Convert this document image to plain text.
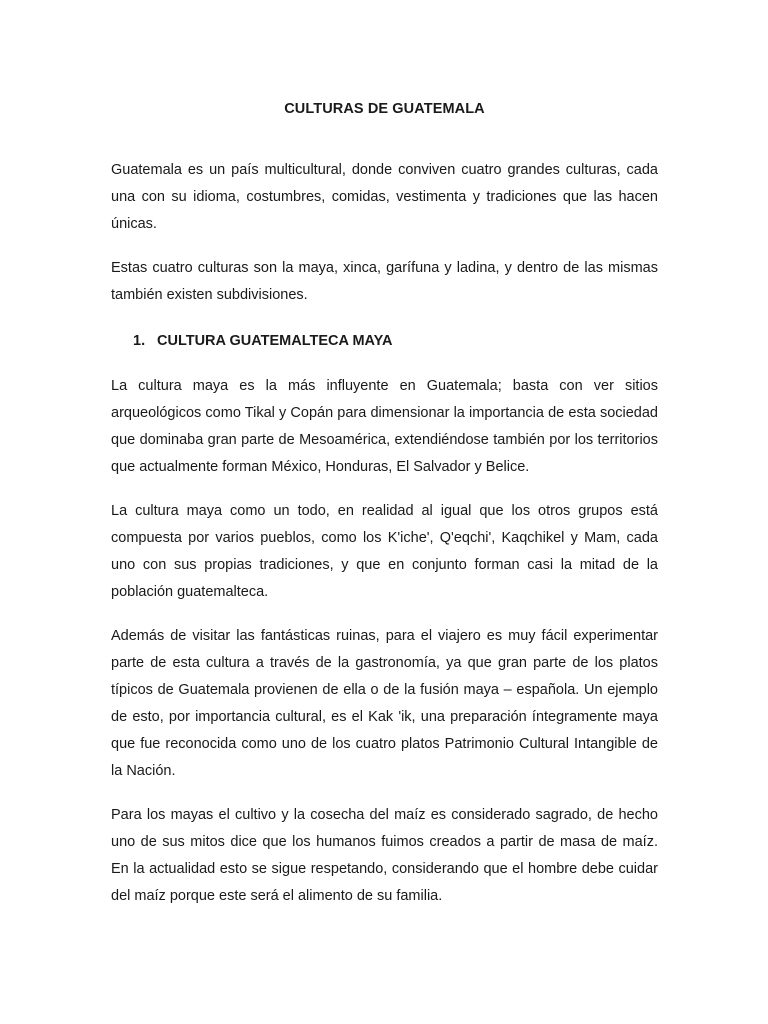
CULTURAS DE GUATEMALA

Guatemala es un país multicultural, donde conviven cuatro grandes culturas, cada una con su idioma, costumbres, comidas, vestimenta y tradiciones que las hacen únicas.

Estas cuatro culturas son la maya, xinca, garífuna y ladina, y dentro de las mismas también existen subdivisiones.

1. CULTURA GUATEMALTECA MAYA

La cultura maya es la más influyente en Guatemala; basta con ver sitios arqueológicos como Tikal y Copán para dimensionar la importancia de esta sociedad que dominaba gran parte de Mesoamérica, extendiéndose también por los territorios que actualmente forman México, Honduras, El Salvador y Belice.

La cultura maya como un todo, en realidad al igual que los otros grupos está compuesta por varios pueblos, como los K'iche', Q'eqchi', Kaqchikel y Mam, cada uno con sus propias tradiciones, y que en conjunto forman casi la mitad de la población guatemalteca.

Además de visitar las fantásticas ruinas, para el viajero es muy fácil experimentar parte de esta cultura a través de la gastronomía, ya que gran parte de los platos típicos de Guatemala provienen de ella o de la fusión maya – española. Un ejemplo de esto, por importancia cultural, es el Kak 'ik, una preparación íntegramente maya que fue reconocida como uno de los cuatro platos Patrimonio Cultural Intangible de la Nación.

Para los mayas el cultivo y la cosecha del maíz es considerado sagrado, de hecho uno de sus mitos dice que los humanos fuimos creados a partir de masa de maíz. En la actualidad esto se sigue respetando, considerando que el hombre debe cuidar del maíz porque este será el alimento de su familia.
